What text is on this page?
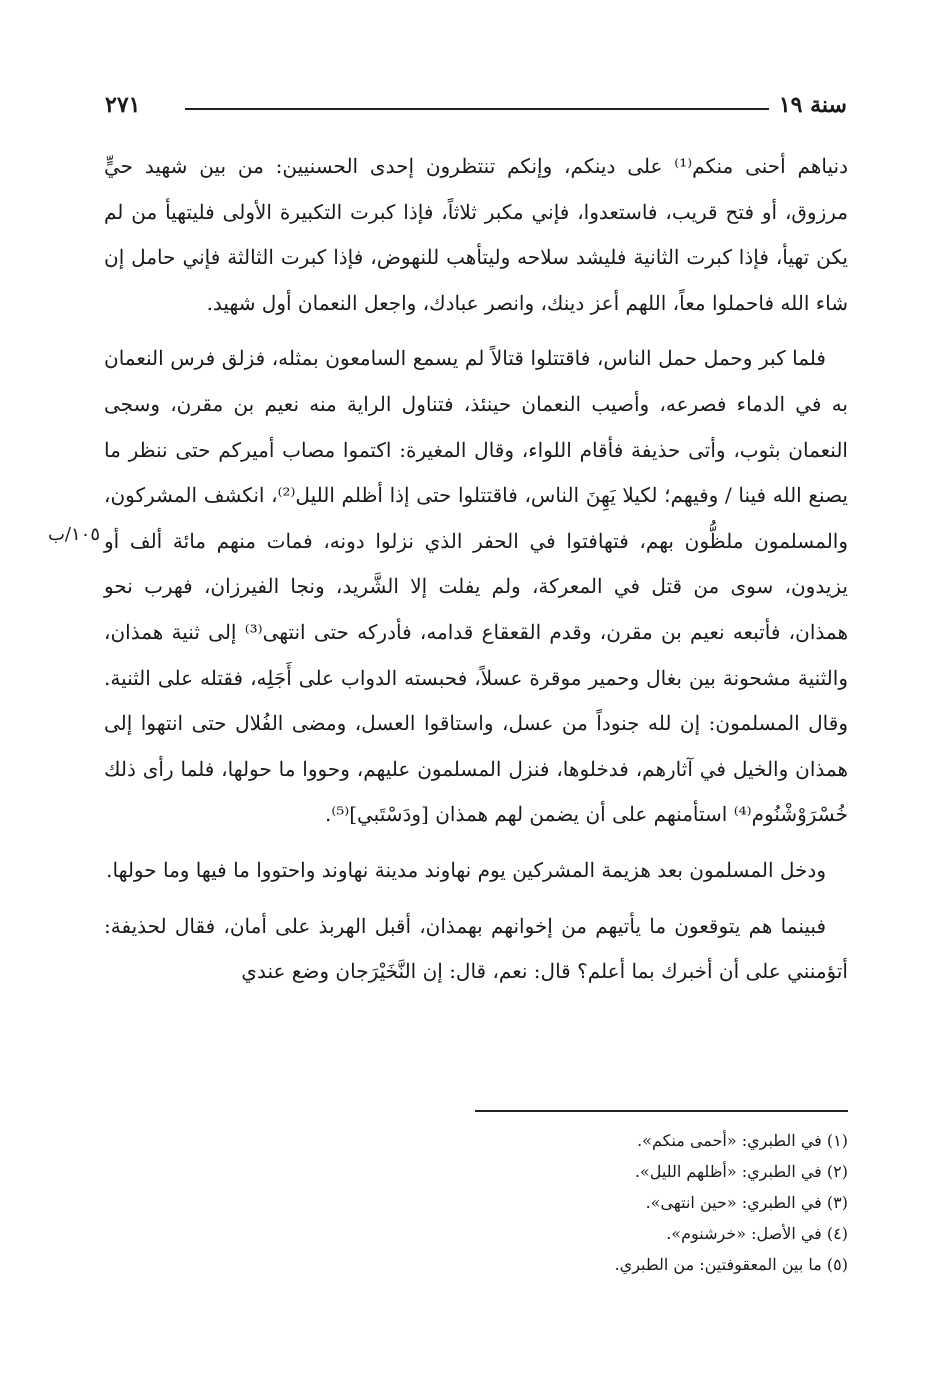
سنة ١٩
٢٧١
١٠٥/ب

دنياهم أحنى منكم⁽¹⁾ على دينكم، وإنكم تنتظرون إحدى الحسنيين: من بين شهيد حيٍّ مرزوق، أو فتح قريب، فاستعدوا، فإني مكبر ثلاثاً، فإذا كبرت التكبيرة الأولى فليتهيأ من لم يكن تهيأ، فإذا كبرت الثانية فليشد سلاحه وليتأهب للنهوض، فإذا كبرت الثالثة فإني حامل إن شاء الله فاحملوا معاً، اللهم أعز دينك، وانصر عبادك، واجعل النعمان أول شهيد.

فلما كبر وحمل حمل الناس، فاقتتلوا قتالاً لم يسمع السامعون بمثله، فزلق فرس النعمان به في الدماء فصرعه، وأصيب النعمان حينئذ، فتناول الراية منه نعيم بن مقرن، وسجى النعمان بثوب، وأتى حذيفة فأقام اللواء، وقال المغيرة: اكتموا مصاب أميركم حتى ننظر ما يصنع الله فينا / وفيهم؛ لكيلا يَهِنَ الناس، فاقتتلوا حتى إذا أظلم الليل⁽²⁾، انكشف المشركون، والمسلمون ملظُّون بهم، فتهافتوا في الحفر الذي نزلوا دونه، فمات منهم مائة ألف أو يزيدون، سوى من قتل في المعركة، ولم يفلت إلا الشَّريد، ونجا الفيرزان، فهرب نحو همذان، فأتبعه نعيم بن مقرن، وقدم القعقاع قدامه، فأدركه حتى انتهى⁽³⁾ إلى ثنية همذان، والثنية مشحونة بين بغال وحمير موقرة عسلاً، فحبسته الدواب على أَجَلِه، فقتله على الثنية. وقال المسلمون: إن لله جنوداً من عسل، واستاقوا العسل، ومضى الفُلال حتى انتهوا إلى همذان والخيل في آثارهم، فدخلوها، فنزل المسلمون عليهم، وحووا ما حولها، فلما رأى ذلك خُسْرَوْشْنُوم⁽⁴⁾ استأمنهم على أن يضمن لهم همذان [ودَسْتَبي]⁽⁵⁾.

ودخل المسلمون بعد هزيمة المشركين يوم نهاوند مدينة نهاوند واحتووا ما فيها وما حولها.

فبينما هم يتوقعون ما يأتيهم من إخوانهم بهمذان، أقبل الهربذ على أمان، فقال لحذيفة: أتؤمنني على أن أخبرك بما أعلم؟ قال: نعم، قال: إن النَّخَيْرَجان وضع عندي

(١) في الطبري: «أحمى منكم».

(٢) في الطبري: «أظلهم الليل».

(٣) في الطبري: «حين انتهى».

(٤) في الأصل: «خرشنوم».

(٥) ما بين المعقوفتين: من الطبري.
